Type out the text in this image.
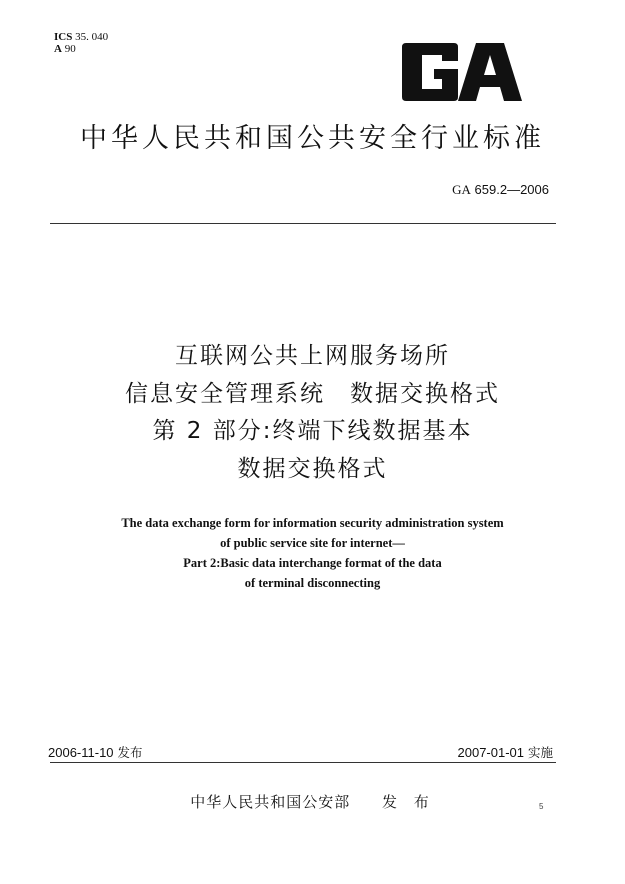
ICS 35. 040
A 90
中华人民共和国公共安全行业标准
GA 659.2—2006
互联网公共上网服务场所
信息安全管理系统　数据交换格式
第 2 部分:终端下线数据基本
数据交换格式
The data exchange form for information security administration system
of public service site for internet—
Part 2:Basic data interchange format of the data
of terminal disconnecting
2006-11-10 发布	2007-01-01 实施
中华人民共和国公安部 发 布	5
